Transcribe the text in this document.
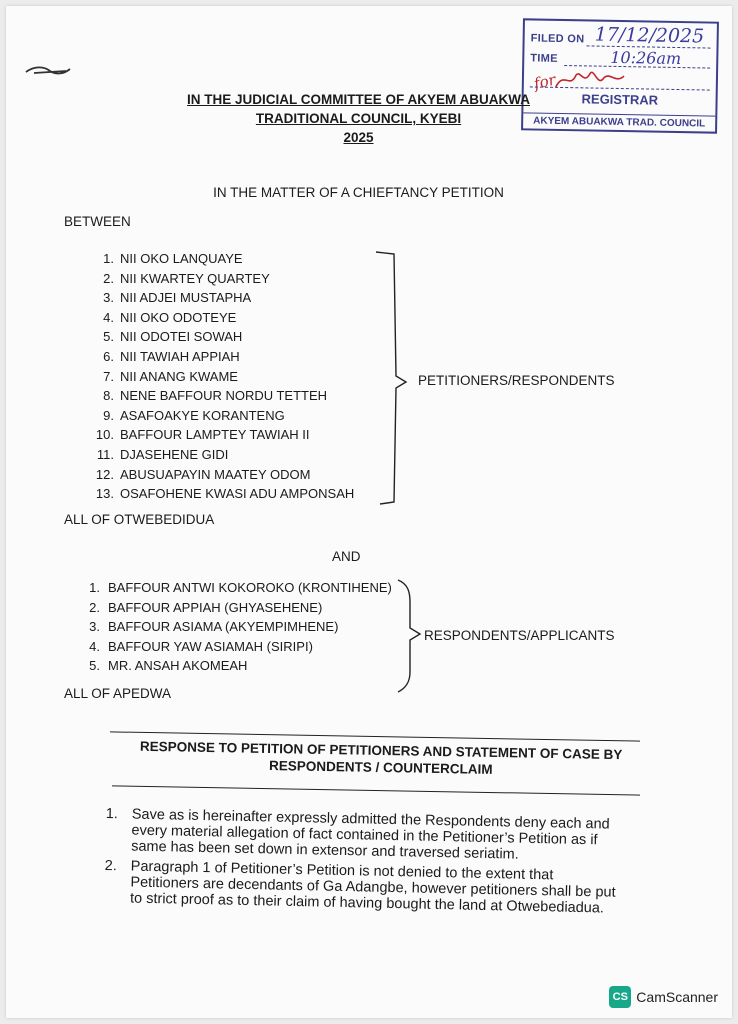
FILED ON 17/12/2025
TIME	10:26am
for
REGISTRAR
AKYEM ABUAKWA TRAD. COUNCIL
IN THE JUDICIAL COMMITTEE OF AKYEM ABUAKWA
TRADITIONAL COUNCIL, KYEBI
2025
IN THE MATTER OF A CHIEFTANCY PETITION
BETWEEN
1. NII OKO LANQUAYE
2. NII KWARTEY QUARTEY
3. NII ADJEI MUSTAPHA
4. NII OKO ODOTEYE
5. NII ODOTEI SOWAH
6. NII TAWIAH APPIAH
7. NII ANANG KWAME
8. NENE BAFFOUR NORDU TETTEH
9. ASAFOAKYE KORANTENG
10. BAFFOUR LAMPTEY TAWIAH II
11. DJASEHENE GIDI
12. ABUSUAPAYIN MAATEY ODOM
13. OSAFOHENE KWASI ADU AMPONSAH
PETITIONERS/RESPONDENTS
ALL OF OTWEBEDIDUA
AND
1. BAFFOUR ANTWI KOKOROKO (KRONTIHENE)
2. BAFFOUR APPIAH (GHYASEHENE)
3. BAFFOUR ASIAMA (AKYEMPIMHENE)
4. BAFFOUR YAW ASIAMAH (SIRIPI)
5. MR. ANSAH AKOMEAH
RESPONDENTS/APPLICANTS
ALL OF APEDWA
RESPONSE TO PETITION OF PETITIONERS AND STATEMENT OF CASE BY
RESPONDENTS / COUNTERCLAIM
1. Save as is hereinafter expressly admitted the Respondents deny each and every material allegation of fact contained in the Petitioner’s Petition as if same has been set down in extensor and traversed seriatim.
2. Paragraph 1 of Petitioner’s Petition is not denied to the extent that Petitioners are decendants of Ga Adangbe, however petitioners shall be put to strict proof as to their claim of having bought the land at Otwebediadua.
CS CamScanner
